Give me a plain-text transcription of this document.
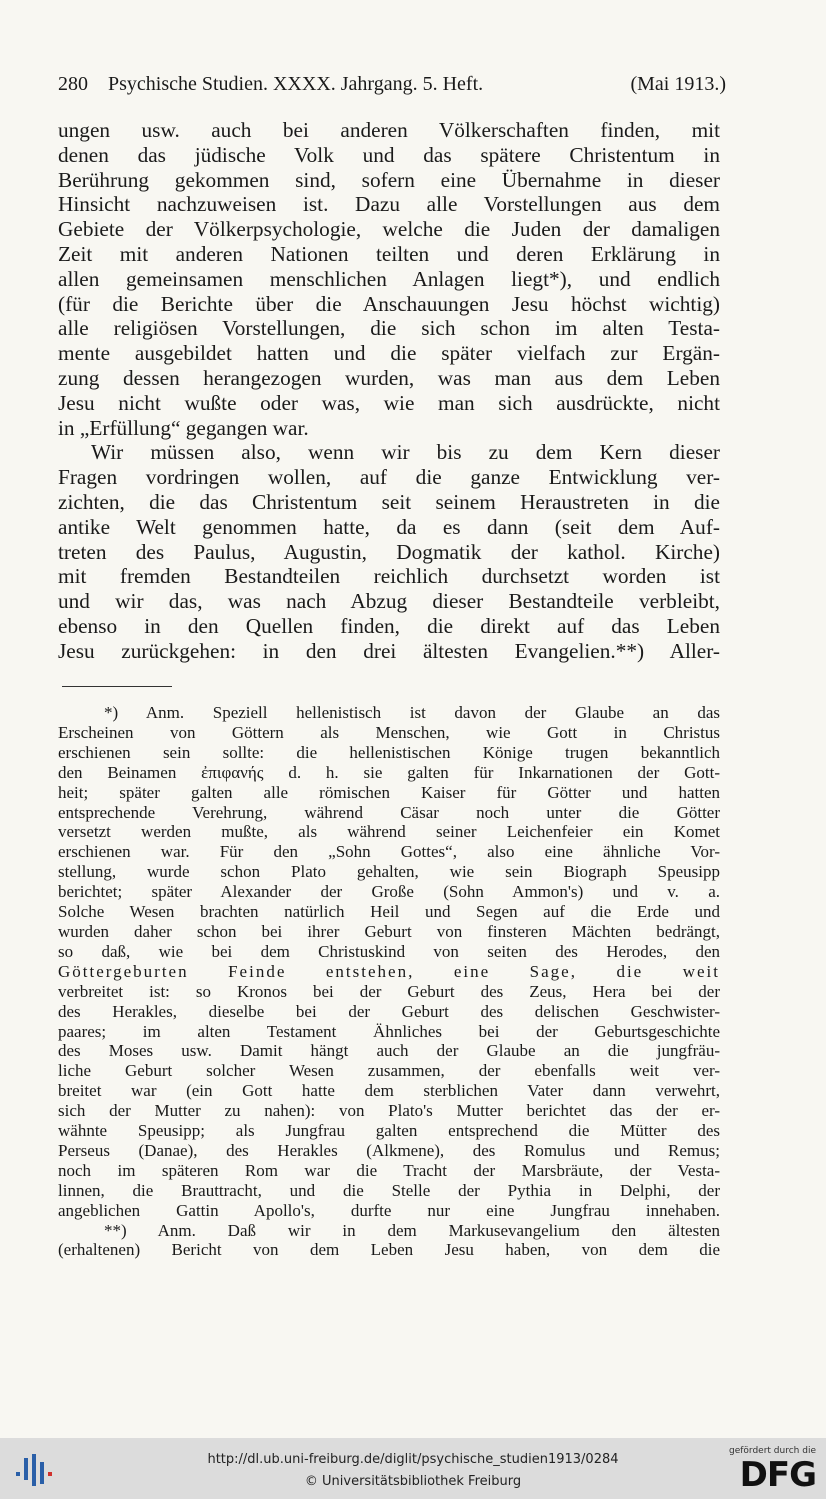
280 Psychische Studien. XXXX. Jahrgang. 5. Heft.	(Mai 1913.)
ungen usw. auch bei anderen Völkerschaften finden, mit
denen das jüdische Volk und das spätere Christentum in
Berührung gekommen sind, sofern eine Übernahme in dieser
Hinsicht nachzuweisen ist. Dazu alle Vorstellungen aus dem
Gebiete der Völkerpsychologie, welche die Juden der damaligen
Zeit mit anderen Nationen teilten und deren Erklärung in
allen gemeinsamen menschlichen Anlagen liegt*), und endlich
(für die Berichte über die Anschauungen Jesu höchst wichtig)
alle religiösen Vorstellungen, die sich schon im alten Testa-
mente ausgebildet hatten und die später vielfach zur Ergän-
zung dessen herangezogen wurden, was man aus dem Leben
Jesu nicht wußte oder was, wie man sich ausdrückte, nicht
in „Erfüllung“ gegangen war.
Wir müssen also, wenn wir bis zu dem Kern dieser
Fragen vordringen wollen, auf die ganze Entwicklung ver-
zichten, die das Christentum seit seinem Heraustreten in die
antike Welt genommen hatte, da es dann (seit dem Auf-
treten des Paulus, Augustin, Dogmatik der kathol. Kirche)
mit fremden Bestandteilen reichlich durchsetzt worden ist
und wir das, was nach Abzug dieser Bestandteile verbleibt,
ebenso in den Quellen finden, die direkt auf das Leben
Jesu zurückgehen: in den drei ältesten Evangelien.**) Aller-
*) Anm. Speziell hellenistisch ist davon der Glaube an das
Erscheinen von Göttern als Menschen, wie Gott in Christus
erschienen sein sollte: die hellenistischen Könige trugen bekanntlich
den Beinamen ἐπιφανής d. h. sie galten für Inkarnationen der Gott-
heit; später galten alle römischen Kaiser für Götter und hatten
entsprechende Verehrung, während Cäsar noch unter die Götter
versetzt werden mußte, als während seiner Leichenfeier ein Komet
erschienen war. Für den „Sohn Gottes“, also eine ähnliche Vor-
stellung, wurde schon Plato gehalten, wie sein Biograph Speusipp
berichtet; später Alexander der Große (Sohn Ammon's) und v. a.
Solche Wesen brachten natürlich Heil und Segen auf die Erde und
wurden daher schon bei ihrer Geburt von finsteren Mächten bedrängt,
so daß, wie bei dem Christuskind von seiten des Herodes, den
Göttergeburten Feinde entstehen, eine Sage, die weit
verbreitet ist: so Kronos bei der Geburt des Zeus, Hera bei der
des Herakles, dieselbe bei der Geburt des delischen Geschwister-
paares; im alten Testament Ähnliches bei der Geburtsgeschichte
des Moses usw. Damit hängt auch der Glaube an die jungfräu-
liche Geburt solcher Wesen zusammen, der ebenfalls weit ver-
breitet war (ein Gott hatte dem sterblichen Vater dann verwehrt,
sich der Mutter zu nahen): von Plato's Mutter berichtet das der er-
wähnte Speusipp; als Jungfrau galten entsprechend die Mütter des
Perseus (Danae), des Herakles (Alkmene), des Romulus und Remus;
noch im späteren Rom war die Tracht der Marsbräute, der Vesta-
linnen, die Brauttracht, und die Stelle der Pythia in Delphi, der
angeblichen Gattin Apollo's, durfte nur eine Jungfrau innehaben.
**) Anm. Daß wir in dem Markusevangelium den ältesten
(erhaltenen) Bericht von dem Leben Jesu haben, von dem die
http://dl.ub.uni-freiburg.de/diglit/psychische_studien1913/0284
© Universitätsbibliothek Freiburg
gefördert durch die
DFG
